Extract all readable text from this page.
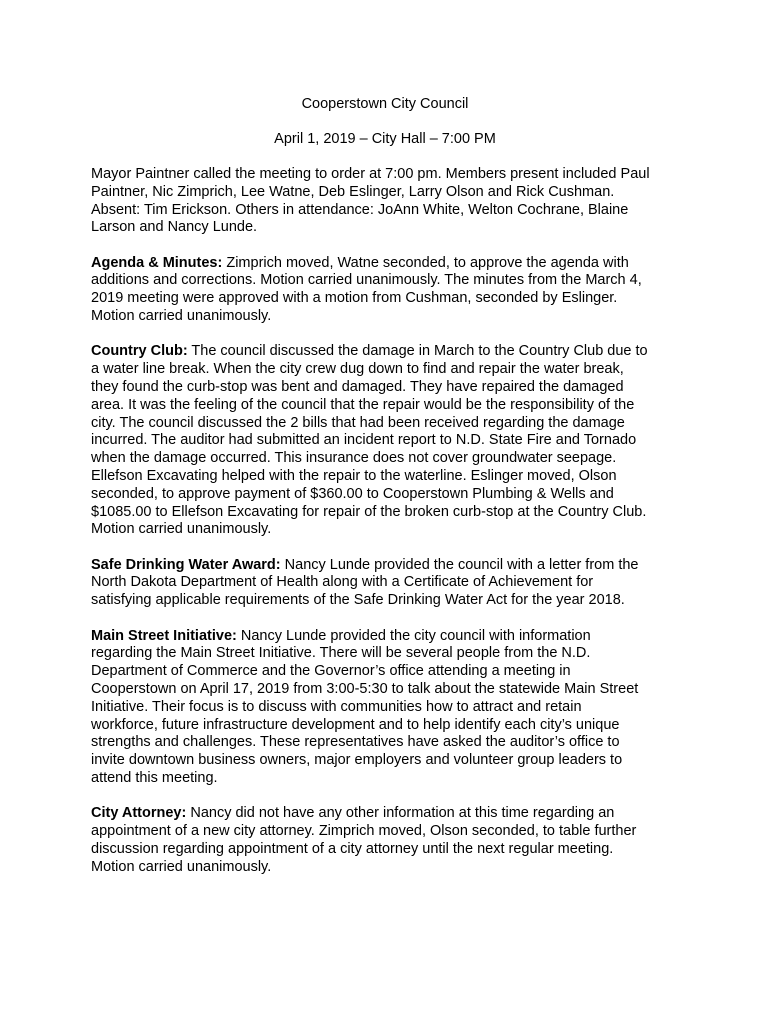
Cooperstown City Council

April 1, 2019 – City Hall – 7:00 PM

Mayor Paintner called the meeting to order at 7:00 pm. Members present included Paul
Paintner, Nic Zimprich, Lee Watne, Deb Eslinger, Larry Olson and Rick Cushman.
Absent: Tim Erickson. Others in attendance: JoAnn White, Welton Cochrane, Blaine
Larson and Nancy Lunde.

Agenda & Minutes: Zimprich moved, Watne seconded, to approve the agenda with
additions and corrections. Motion carried unanimously. The minutes from the March 4,
2019 meeting were approved with a motion from Cushman, seconded by Eslinger.
Motion carried unanimously.

Country Club: The council discussed the damage in March to the Country Club due to
a water line break. When the city crew dug down to find and repair the water break,
they found the curb-stop was bent and damaged. They have repaired the damaged
area. It was the feeling of the council that the repair would be the responsibility of the
city. The council discussed the 2 bills that had been received regarding the damage
incurred. The auditor had submitted an incident report to N.D. State Fire and Tornado
when the damage occurred. This insurance does not cover groundwater seepage.
Ellefson Excavating helped with the repair to the waterline. Eslinger moved, Olson
seconded, to approve payment of $360.00 to Cooperstown Plumbing & Wells and
$1085.00 to Ellefson Excavating for repair of the broken curb-stop at the Country Club.
Motion carried unanimously.

Safe Drinking Water Award: Nancy Lunde provided the council with a letter from the
North Dakota Department of Health along with a Certificate of Achievement for
satisfying applicable requirements of the Safe Drinking Water Act for the year 2018.

Main Street Initiative: Nancy Lunde provided the city council with information
regarding the Main Street Initiative. There will be several people from the N.D.
Department of Commerce and the Governor’s office attending a meeting in
Cooperstown on April 17, 2019 from 3:00-5:30 to talk about the statewide Main Street
Initiative. Their focus is to discuss with communities how to attract and retain
workforce, future infrastructure development and to help identify each city’s unique
strengths and challenges. These representatives have asked the auditor’s office to
invite downtown business owners, major employers and volunteer group leaders to
attend this meeting.

City Attorney: Nancy did not have any other information at this time regarding an
appointment of a new city attorney. Zimprich moved, Olson seconded, to table further
discussion regarding appointment of a city attorney until the next regular meeting.
Motion carried unanimously.
